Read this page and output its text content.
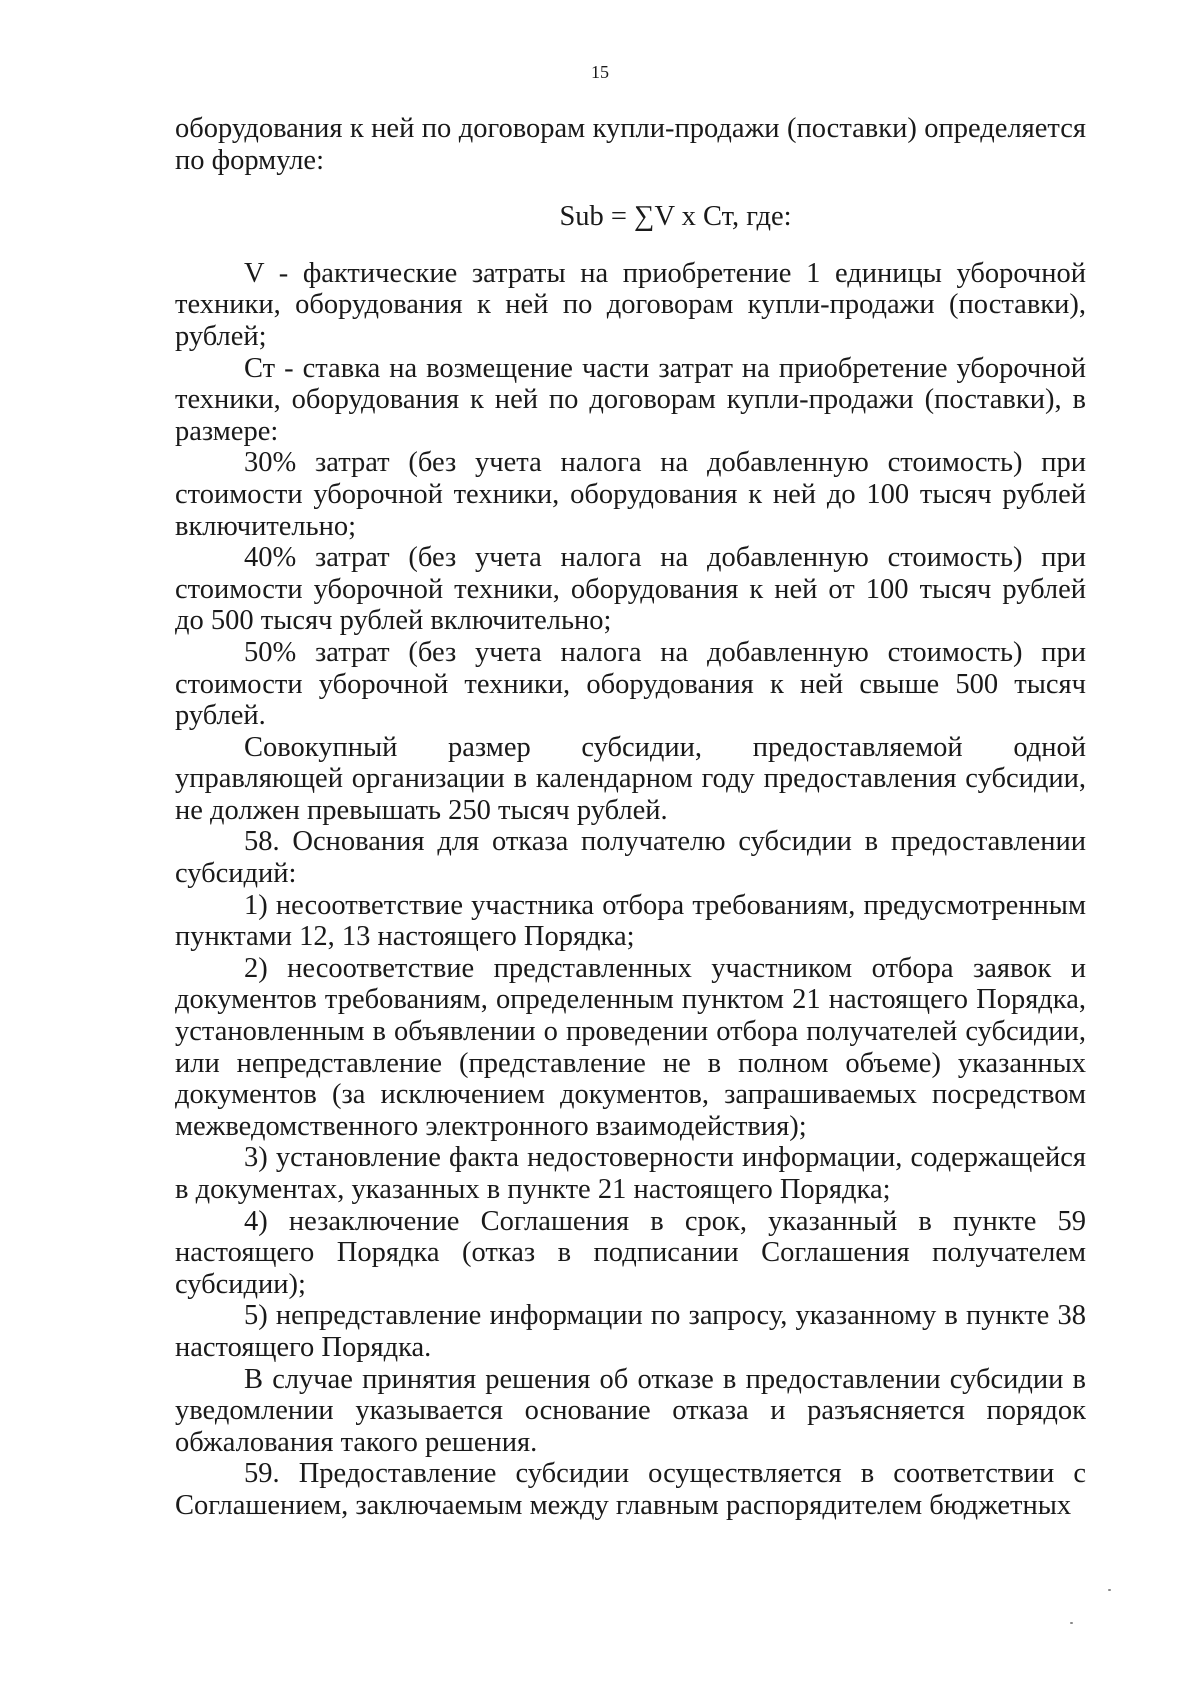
15

оборудования к ней по договорам купли-продажи (поставки) определяется по формуле:

Sub = ∑V x Ст, где:

V - фактические затраты на приобретение 1 единицы уборочной техники, оборудования к ней по договорам купли-продажи (поставки), рублей;

Ст - ставка на возмещение части затрат на приобретение уборочной техники, оборудования к ней по договорам купли-продажи (поставки), в размере:

30% затрат (без учета налога на добавленную стоимость) при стоимости уборочной техники, оборудования к ней до 100 тысяч рублей включительно;

40% затрат (без учета налога на добавленную стоимость) при стоимости уборочной техники, оборудования к ней от 100 тысяч рублей до 500 тысяч рублей включительно;

50% затрат (без учета налога на добавленную стоимость) при стоимости уборочной техники, оборудования к ней свыше 500 тысяч рублей.

Совокупный размер субсидии, предоставляемой одной управляющей организации в календарном году предоставления субсидии, не должен превышать 250 тысяч рублей.

58. Основания для отказа получателю субсидии в предоставлении субсидий:

1) несоответствие участника отбора требованиям, предусмотренным пунктами 12, 13 настоящего Порядка;

2) несоответствие представленных участником отбора заявок и документов требованиям, определенным пунктом 21 настоящего Порядка, установленным в объявлении о проведении отбора получателей субсидии, или непредставление (представление не в полном объеме) указанных документов (за исключением документов, запрашиваемых посредством межведомственного электронного взаимодействия);

3) установление факта недостоверности информации, содержащейся в документах, указанных в пункте 21 настоящего Порядка;

4) незаключение Соглашения в срок, указанный в пункте 59 настоящего Порядка (отказ в подписании Соглашения получателем субсидии);

5) непредставление информации по запросу, указанному в пункте 38 настоящего Порядка.

В случае принятия решения об отказе в предоставлении субсидии в уведомлении указывается основание отказа и разъясняется порядок обжалования такого решения.

59. Предоставление субсидии осуществляется в соответствии с Соглашением, заключаемым между главным распорядителем бюджетных
